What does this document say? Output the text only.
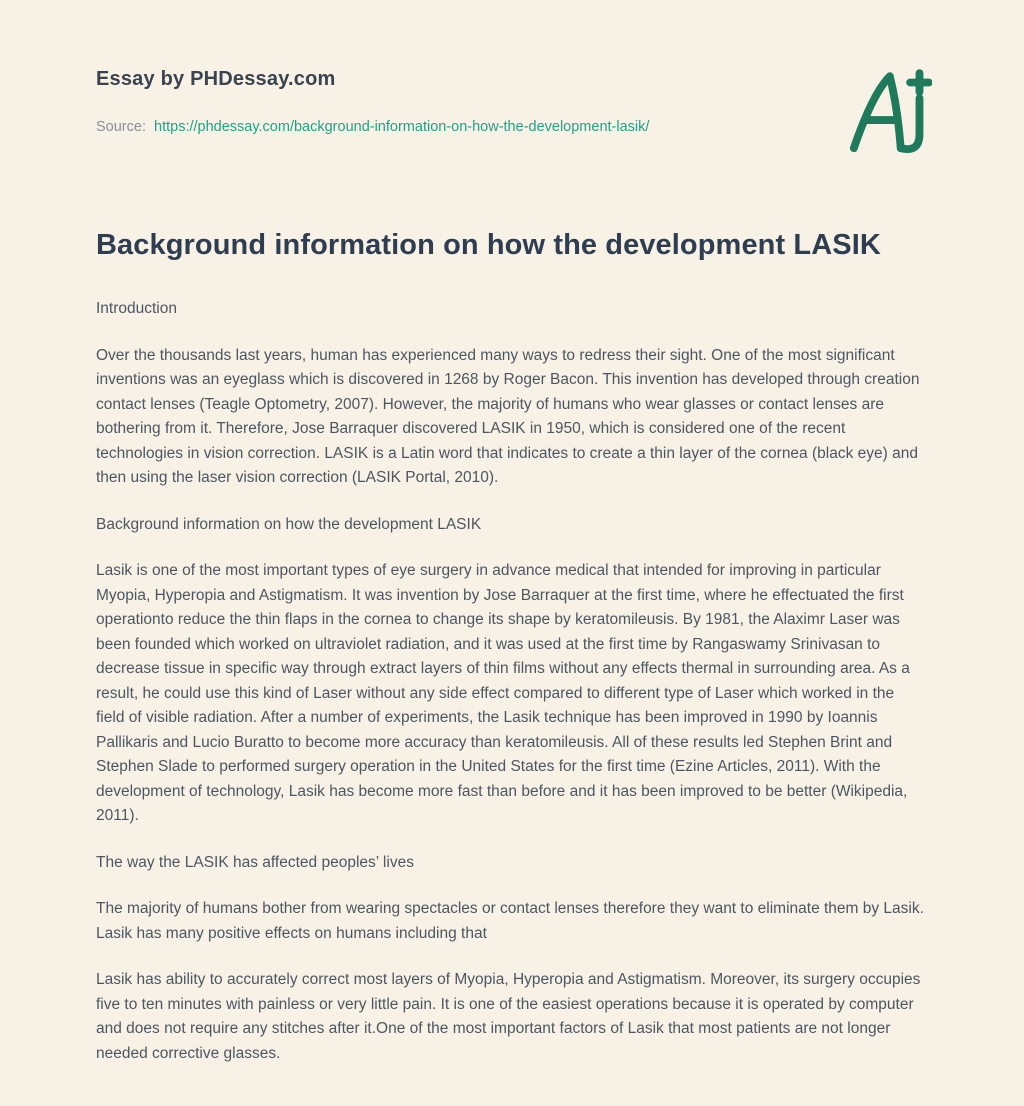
Essay by PHDessay.com
Source: https://phdessay.com/background-information-on-how-the-development-lasik/
Background information on how the development LASIK

Introduction

Over the thousands last years, human has experienced many ways to redress their sight. One of the most significant inventions was an eyeglass which is discovered in 1268 by Roger Bacon. This invention has developed through creation contact lenses (Teagle Optometry, 2007). However, the majority of humans who wear glasses or contact lenses are bothering from it. Therefore, Jose Barraquer discovered LASIK in 1950, which is considered one of the recent technologies in vision correction. LASIK is a Latin word that indicates to create a thin layer of the cornea (black eye) and then using the laser vision correction (LASIK Portal, 2010).

Background information on how the development LASIK

Lasik is one of the most important types of eye surgery in advance medical that intended for improving in particular Myopia, Hyperopia and Astigmatism. It was invention by Jose Barraquer at the first time, where he effectuated the first operationto reduce the thin flaps in the cornea to change its shape by keratomileusis. By 1981, the Alaximr Laser was been founded which worked on ultraviolet radiation, and it was used at the first time by Rangaswamy Srinivasan to decrease tissue in specific way through extract layers of thin films without any effects thermal in surrounding area. As a result, he could use this kind of Laser without any side effect compared to different type of Laser which worked in the field of visible radiation. After a number of experiments, the Lasik technique has been improved in 1990 by Ioannis Pallikaris and Lucio Buratto to become more accuracy than keratomileusis. All of these results led Stephen Brint and Stephen Slade to performed surgery operation in the United States for the first time (Ezine Articles, 2011). With the development of technology, Lasik has become more fast than before and it has been improved to be better (Wikipedia, 2011).

The way the LASIK has affected peoples’ lives

The majority of humans bother from wearing spectacles or contact lenses therefore they want to eliminate them by Lasik. Lasik has many positive effects on humans including that

Lasik has ability to accurately correct most layers of Myopia, Hyperopia and Astigmatism. Moreover, its surgery occupies five to ten minutes with painless or very little pain. It is one of the easiest operations because it is operated by computer and does not require any stitches after it.One of the most important factors of Lasik that most patients are not longer needed corrective glasses.
